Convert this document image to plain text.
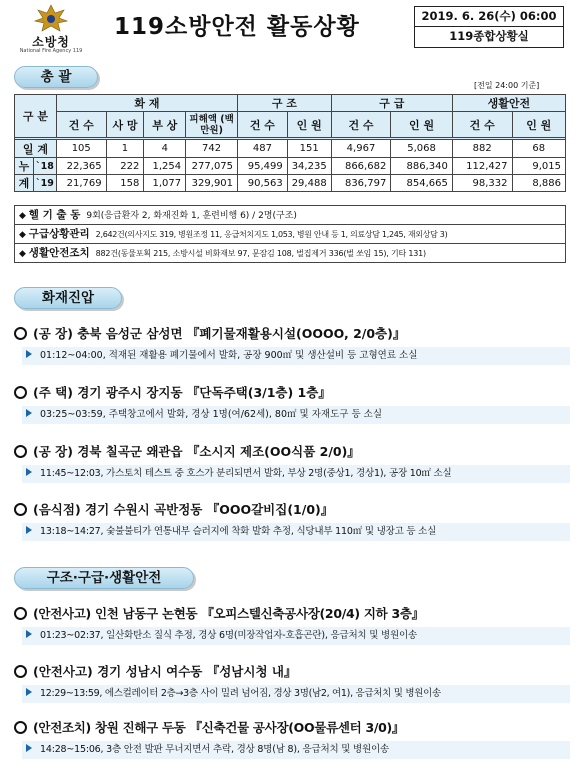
소방청
National Fire Agency 119
119소방안전 활동상황	2019. 6. 26(수) 06:00
119종합상황실
총 괄
[전일 24:00 기준]
구 분		화 재				구 조		구 급		생활안전	
		건 수	사 망	부 상	피해액 (백만원)	건 수	인 원	건 수	인 원	건 수	인 원

일 계		105	1	4	742	487	151	4,967	5,068	882	68
누	`18	22,365	222	1,254	277,075	95,499	34,235	866,682	886,340	112,427	9,015
계	`19	21,769	158	1,077	329,901	90,563	29,488	836,797	854,665	98,332	8,886
◆ 헬 기 출 동 9회(응급환자 2, 화재진화 1, 훈련비행 6) / 2명(구조)
◆ 구급상황관리 2,642건(의사지도 319, 병원조정 11, 응급처치지도 1,053, 병원 안내 등 1, 의료상담 1,245, 재외상담 3)
◆ 생활안전조치 882건(동물포획 215, 소방시설 비화재보 97, 문잠김 108, 벌집제거 336(벌 쏘임 15), 기타 131)
화재진압
(공 장) 충북 음성군 삼성면 『폐기물재활용시설(OOOO, 2/0층)』
01:12~04:00, 적재된 재활용 폐기물에서 발화, 공장 900㎡ 및 생산설비 등 고형연료 소실
(주 택) 경기 광주시 장지동 『단독주택(3/1층) 1층』
03:25~03:59, 주택창고에서 발화, 경상 1명(여/62세), 80㎡ 및 자재도구 등 소실
(공 장) 경북 칠곡군 왜관읍 『소시지 제조(OO식품 2/0)』
11:45~12:03, 가스토치 테스트 중 호스가 분리되면서 발화, 부상 2명(중상1, 경상1), 공장 10㎡ 소실
(음식점) 경기 수원시 곡반정동 『OOO갈비집(1/0)』
13:18~14:27, 숯불불티가 연통내부 슬러지에 착화 발화 추정, 식당내부 110㎡ 및 냉장고 등 소실
구조·구급·생활안전
(안전사고) 인천 남동구 논현동 『오피스텔신축공사장(20/4) 지하 3층』
01:23~02:37, 일산화탄소 질식 추정, 경상 6명(미장작업자-호흡곤란), 응급처치 및 병원이송
(안전사고) 경기 성남시 여수동 『성남시청 내』
12:29~13:59, 에스컬레이터 2층→3층 사이 밀려 넘어짐, 경상 3명(남2, 여1), 응급처치 및 병원이송
(안전조치) 창원 진해구 두동 『신축건물 공사장(OO물류센터 3/0)』
14:28~15:06, 3층 안전 발판 무너지면서 추락, 경상 8명(남 8), 응급처치 및 병원이송
